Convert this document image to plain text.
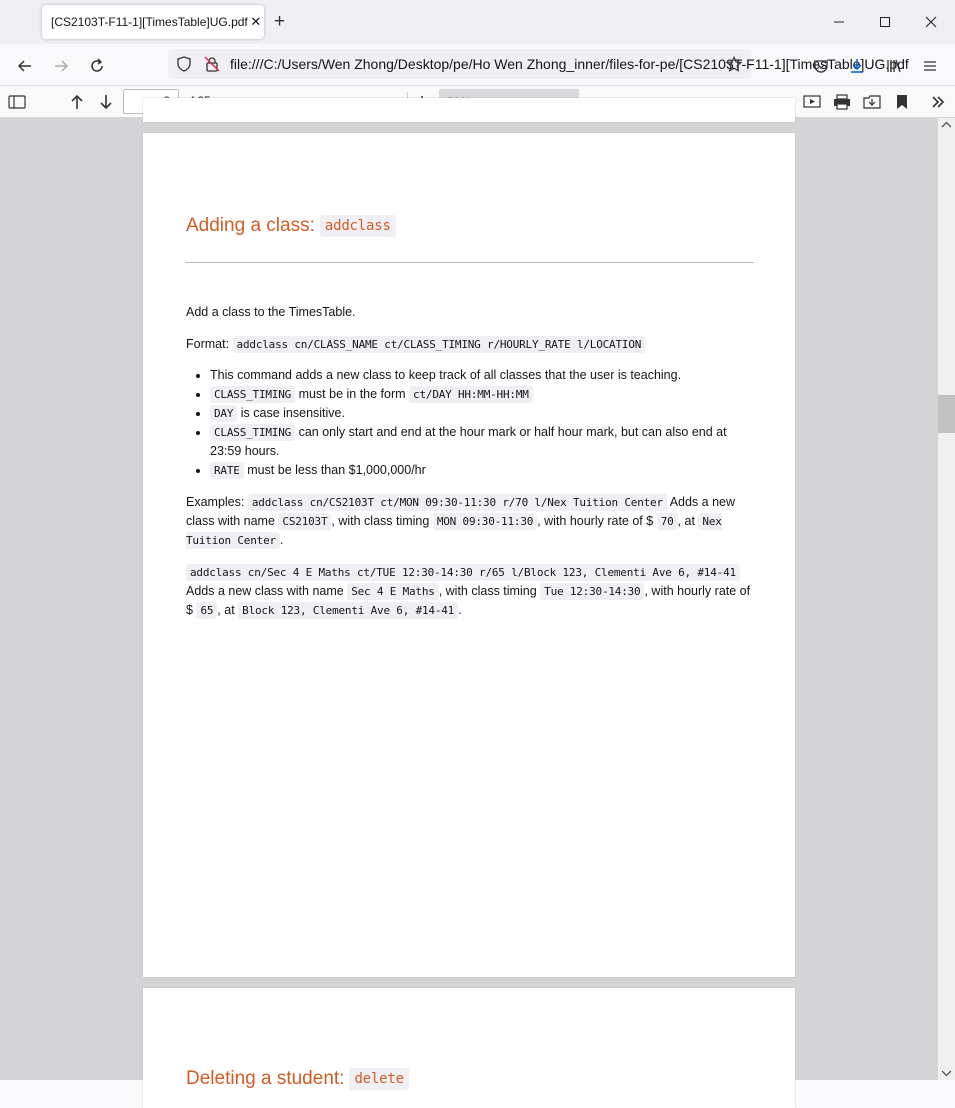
[CS2103T-F11-1][TimesTable]UG.pdf ✕ +
file:///C:/Users/Wen Zhong/Desktop/pe/Ho Wen Zhong_inner/files-for-pe/[CS2103T-F11-1][TimesTable]UG.pdf
Adding a class: addclass
Add a class to the TimesTable.
Format: addclass cn/CLASS_NAME ct/CLASS_TIMING r/HOURLY_RATE l/LOCATION
This command adds a new class to keep track of all classes that the user is teaching.
CLASS_TIMING must be in the form ct/DAY HH:MM-HH:MM
DAY is case insensitive.
CLASS_TIMING can only start and end at the hour mark or half hour mark, but can also end at 23:59 hours.
RATE must be less than $1,000,000/hr
Examples: addclass cn/CS2103T ct/MON 09:30-11:30 r/70 l/Nex Tuition Center Adds a new class with name CS2103T , with class timing MON 09:30-11:30 , with hourly rate of $ 70 , at Nex Tuition Center .
addclass cn/Sec 4 E Maths ct/TUE 12:30-14:30 r/65 l/Block 123, Clementi Ave 6, #14-41 Adds a new class with name Sec 4 E Maths , with class timing Tue 12:30-14:30 , with hourly rate of $ 65 , at Block 123, Clementi Ave 6, #14-41 .
Deleting a student: delete
